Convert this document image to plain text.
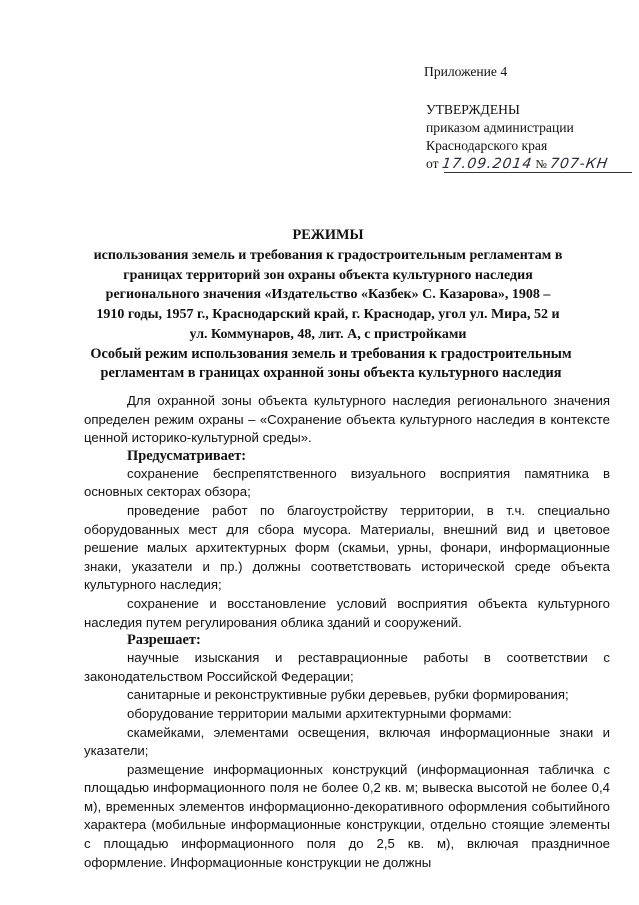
Приложение 4
УТВЕРЖДЕНЫ
приказом администрации
Краснодарского края
от 17.09.2014 № 707-КН
РЕЖИМЫ
использования земель и требования к градостроительным регламентам в
границах территорий зон охраны объекта культурного наследия
регионального значения «Издательство «Казбек» С. Казарова», 1908 –
1910 годы, 1957 г., Краснодарский край, г. Краснодар, угол ул. Мира, 52 и
ул. Коммунаров, 48, лит. А, с пристройками
Особый режим использования земель и требования к градостроительным
регламентам в границах охранной зоны объекта культурного наследия

Для охранной зоны объекта культурного наследия регионального значения определен режим охраны – «Сохранение объекта культурного наследия в контексте ценной историко-культурной среды».

Предусматривает:

сохранение беспрепятственного визуального восприятия памятника в основных секторах обзора;

проведение работ по благоустройству территории, в т.ч. специально оборудованных мест для сбора мусора. Материалы, внешний вид и цветовое решение малых архитектурных форм (скамьи, урны, фонари, информационные знаки, указатели и пр.) должны соответствовать исторической среде объекта культурного наследия;

сохранение и восстановление условий восприятия объекта культурного наследия путем регулирования облика зданий и сооружений.

Разрешает:

научные изыскания и реставрационные работы в соответствии с законодательством Российской Федерации;

санитарные и реконструктивные рубки деревьев, рубки формирования;

оборудование территории малыми архитектурными формами:

скамейками, элементами освещения, включая информационные знаки и указатели;

размещение информационных конструкций (информационная табличка с площадью информационного поля не более 0,2 кв. м; вывеска высотой не более 0,4 м), временных элементов информационно-декоративного оформления событийного характера (мобильные информационные конструкции, отдельно стоящие элементы с площадью информационного поля до 2,5 кв. м), включая праздничное оформление. Информационные конструкции не должны
